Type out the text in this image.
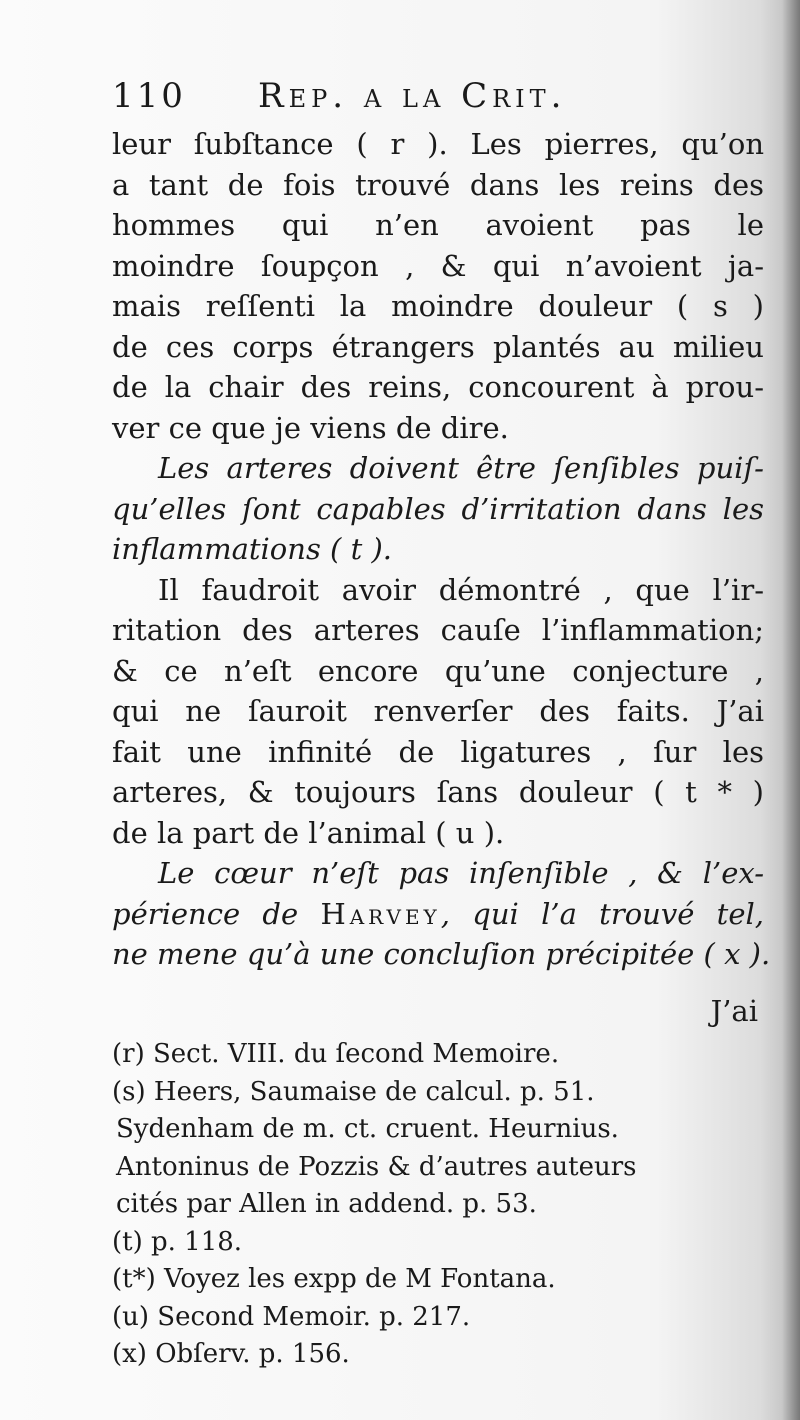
110 Rep. a la Crit.
leur ſubſtance ( r ). Les pierres, qu’on
a tant de fois trouvé dans les reins des
hommes qui n’en avoient pas le
moindre ſoupçon , & qui n’avoient ja-
mais reſſenti la moindre douleur ( s )
de ces corps étrangers plantés au milieu
de la chair des reins, concourent à prou-
ver ce que je viens de dire.
Les arteres doivent être ſenſibles puiſ-
qu’elles ſont capables d’irritation dans les
inflammations ( t ).
Il faudroit avoir démontré , que l’ir-
ritation des arteres cauſe l’inflammation;
& ce n’eſt encore qu’une conjecture ,
qui ne ſauroit renverſer des faits. J’ai
fait une infinité de ligatures , ſur les
arteres, & toujours ſans douleur ( t * )
de la part de l’animal ( u ).
Le cœur n’eſt pas inſenſible , & l’ex-
périence de Harvey, qui l’a trouvé tel,
ne mene qu’à une concluſion précipitée ( x ).
J’ai
(r) Sect. VIII. du ſecond Memoire.
(s) Heers, Saumaise de calcul. p. 51.
Sydenham de m. ct. cruent. Heurnius.
Antoninus de Pozzis & d’autres auteurs
cités par Allen in addend. p. 53.
(t) p. 118.
(t*) Voyez les expp de M Fontana.
(u) Second Memoir. p. 217.
(x) Obſerv. p. 156.
